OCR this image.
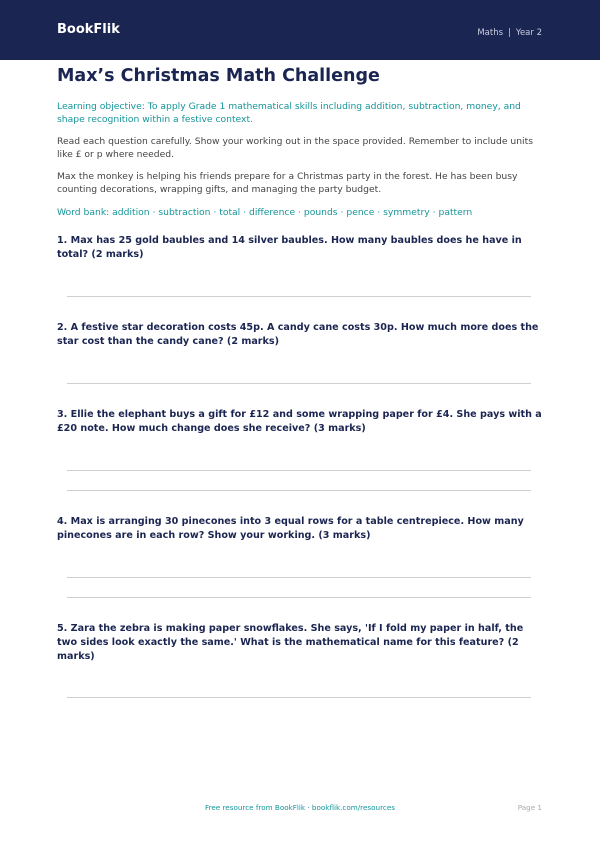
BookFlik	Maths | Year 2
Max’s Christmas Math Challenge

Learning objective: To apply Grade 1 mathematical skills including addition, subtraction, money, and shape recognition within a festive context.

Read each question carefully. Show your working out in the space provided. Remember to include units like £ or p where needed.

Max the monkey is helping his friends prepare for a Christmas party in the forest. He has been busy counting decorations, wrapping gifts, and managing the party budget.

Word bank: addition · subtraction · total · difference · pounds · pence · symmetry · pattern

1. Max has 25 gold baubles and 14 silver baubles. How many baubles does he have in total? (2 marks)

2. A festive star decoration costs 45p. A candy cane costs 30p. How much more does the star cost than the candy cane? (2 marks)

3. Ellie the elephant buys a gift for £12 and some wrapping paper for £4. She pays with a £20 note. How much change does she receive? (3 marks)

4. Max is arranging 30 pinecones into 3 equal rows for a table centrepiece. How many pinecones are in each row? Show your working. (3 marks)

5. Zara the zebra is making paper snowflakes. She says, 'If I fold my paper in half, the two sides look exactly the same.' What is the mathematical name for this feature? (2 marks)

Free resource from BookFlik · bookflik.com/resources	Page 1
